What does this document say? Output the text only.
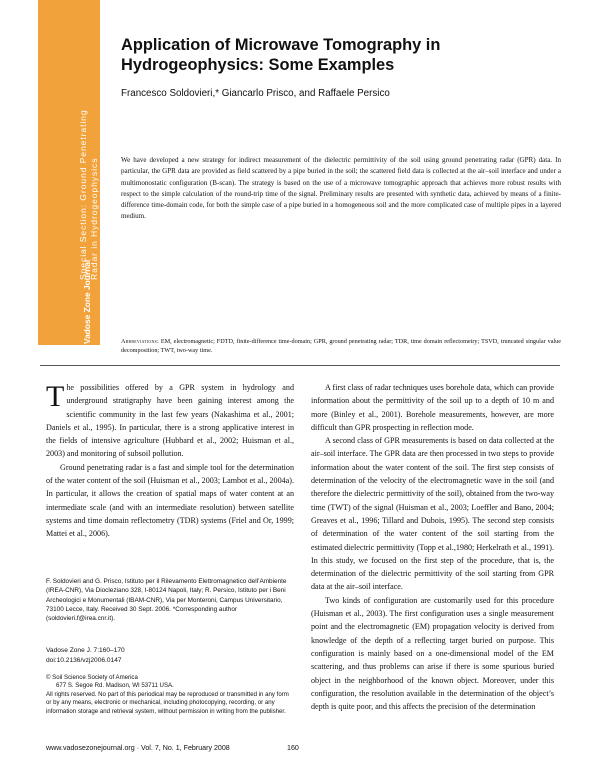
Special Section: Ground Penetrating Radar in Hydrogeophysics
Vadose Zone Journal
Application of Microwave Tomography in Hydrogeophysics: Some Examples
Francesco Soldovieri,* Giancarlo Prisco, and Raffaele Persico

We have developed a new strategy for indirect measurement of the dielectric permittivity of the soil using ground penetrating radar (GPR) data. In particular, the GPR data are provided as field scattered by a pipe buried in the soil; the scattered field data is collected at the air–soil interface and under a multimonostatic configuration (B-scan). The strategy is based on the use of a microwave tomographic approach that achieves more robust results with respect to the simple calculation of the round-trip time of the signal. Preliminary results are presented with synthetic data, achieved by means of a finite-difference time-domain code, for both the simple case of a pipe buried in a homogeneous soil and the more complicated case of multiple pipes in a layered medium.

Abbreviations: EM, electromagnetic; FDTD, finite-difference time-domain; GPR, ground penetrating radar; TDR, time domain reflectometry; TSVD, truncated singular value decomposition; TWT, two-way time.

The possibilities offered by a GPR system in hydrology and underground stratigraphy have been gaining interest among the scientific community in the last few years (Nakashima et al., 2001; Daniels et al., 1995). In particular, there is a strong applicative interest in the fields of intensive agriculture (Hubbard et al., 2002; Huisman et al., 2003) and monitoring of subsoil pollution.

Ground penetrating radar is a fast and simple tool for the determination of the water content of the soil (Huisman et al., 2003; Lambot et al., 2004a). In particular, it allows the creation of spatial maps of water content at an intermediate scale (and with an intermediate resolution) between satellite systems and time domain reflectometry (TDR) systems (Friel and Or, 1999; Mattei et al., 2006).

F. Soldovieri and G. Prisco, Istituto per il Rilevamento Elettromagnetico dell’Ambiente (IREA-CNR), Via Diocleziano 328, I-80124 Napoli, Italy; R. Persico, Istituto per i Beni Archeologici e Monumentali (IBAM-CNR), Via per Monteroni, Campus Universitario, 73100 Lecce, Italy. Received 30 Sept. 2006. *Corresponding author (soldovieri.f@irea.cnr.it).

Vadose Zone J. 7:160–170
doi:10.2136/vzj2006.0147
© Soil Science Society of America
677 S. Segoe Rd. Madison, WI 53711 USA.
All rights reserved. No part of this periodical may be reproduced or transmitted in any form or by any means, electronic or mechanical, including photocopying, recording, or any information storage and retrieval system, without permission in writing from the publisher.

A first class of radar techniques uses borehole data, which can provide information about the permittivity of the soil up to a depth of 10 m and more (Binley et al., 2001). Borehole measurements, however, are more difficult than GPR prospecting in reflection mode.

A second class of GPR measurements is based on data collected at the air–soil interface. The GPR data are then processed in two steps to provide information about the water content of the soil. The first step consists of determination of the velocity of the electromagnetic wave in the soil (and therefore the dielectric permittivity of the soil), obtained from the two-way time (TWT) of the signal (Huisman et al., 2003; Loeffler and Bano, 2004; Greaves et al., 1996; Tillard and Dubois, 1995). The second step consists of determination of the water content of the soil starting from the estimated dielectric permittivity (Topp et al.,1980; Herkelrath et al., 1991). In this study, we focused on the first step of the procedure, that is, the determination of the dielectric permittivity of the soil starting from GPR data at the air–soil interface.

Two kinds of configuration are customarily used for this procedure (Huisman et al., 2003). The first configuration uses a single measurement point and the electromagnetic (EM) propagation velocity is derived from knowledge of the depth of a reflecting target buried on purpose. This configuration is mainly based on a one-dimensional model of the EM scattering, and thus problems can arise if there is some spurious buried object in the neighborhood of the known object. Moreover, under this configuration, the resolution available in the determination of the object’s depth is quite poor, and this affects the precision of the determination

www.vadosezonejournal.org · Vol. 7, No. 1, February 2008	160
